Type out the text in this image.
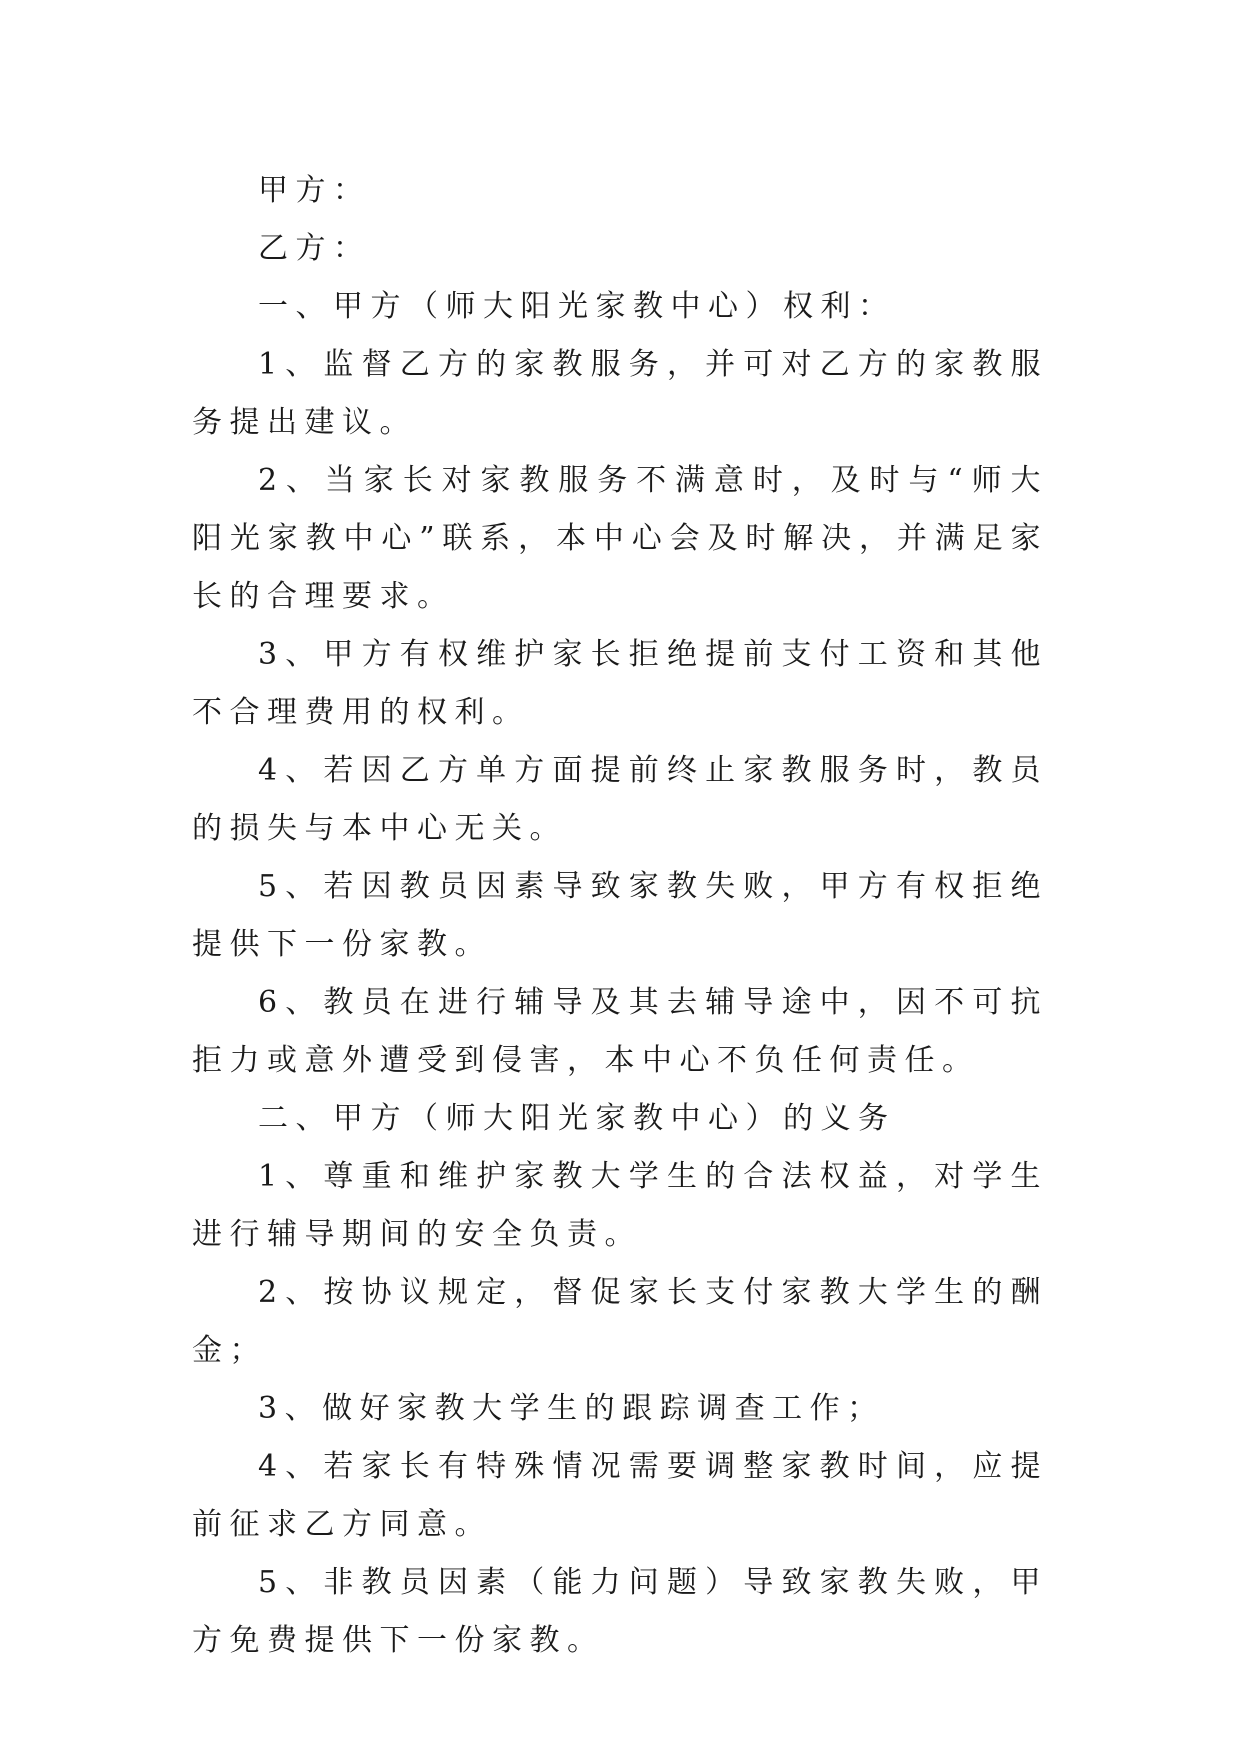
甲方：

乙方：

一、甲方（师大阳光家教中心）权利：

1、监督乙方的家教服务，并可对乙方的家教服务提出建议。

2、当家长对家教服务不满意时，及时与“师大阳光家教中心”联系，本中心会及时解决，并满足家长的合理要求。

3、甲方有权维护家长拒绝提前支付工资和其他不合理费用的权利。

4、若因乙方单方面提前终止家教服务时，教员的损失与本中心无关。

5、若因教员因素导致家教失败，甲方有权拒绝提供下一份家教。

6、教员在进行辅导及其去辅导途中，因不可抗拒力或意外遭受到侵害，本中心不负任何责任。

二、甲方（师大阳光家教中心）的义务

1、尊重和维护家教大学生的合法权益，对学生进行辅导期间的安全负责。

2、按协议规定，督促家长支付家教大学生的酬金；

3、做好家教大学生的跟踪调查工作；

4、若家长有特殊情况需要调整家教时间，应提前征求乙方同意。

5、非教员因素（能力问题）导致家教失败，甲方免费提供下一份家教。
